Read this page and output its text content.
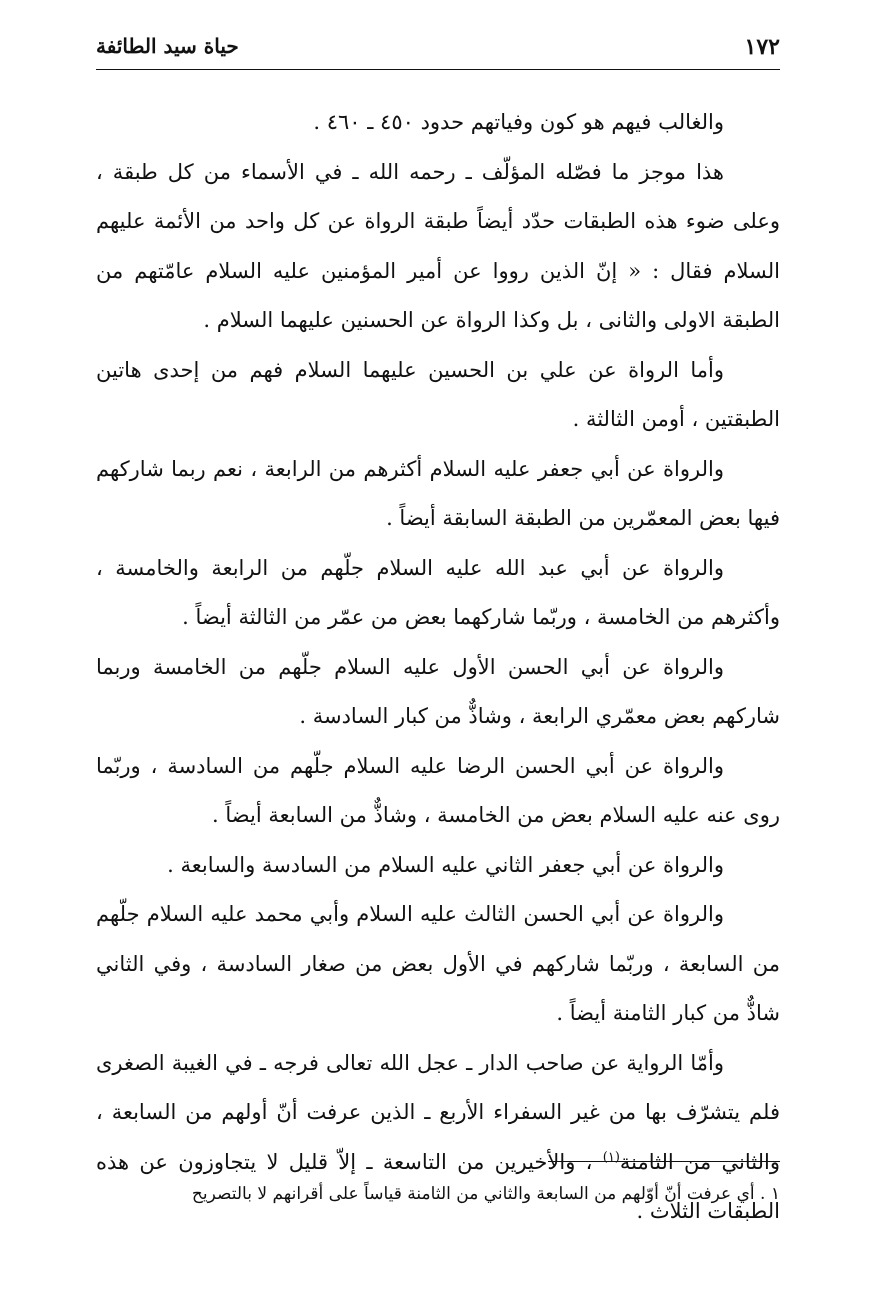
١٧٢
حياة سيد الطائفة

والغالب فيهم هو كون وفياتهم حدود ٤٥٠ ـ ٤٦٠ .

هذا موجز ما فصّله المؤلّف ـ رحمه الله ـ في الأسماء من كل طبقة ، وعلى ضوء هذه الطبقات حدّد أيضاً طبقة الرواة عن كل واحد من الأئمة عليهم السلام فقال : « إنّ الذين رووا عن أمير المؤمنين عليه السلام عامّتهم من الطبقة الاولى والثانى ، بل وكذا الرواة عن الحسنين عليهما السلام .

وأما الرواة عن علي بن الحسين عليهما السلام فهم من إحدى هاتين الطبقتين ، أومن الثالثة .

والرواة عن أبي جعفر عليه السلام أكثرهم من الرابعة ، نعم ربما شاركهم فيها بعض المعمّرين من الطبقة السابقة أيضاً .

والرواة عن أبي عبد الله عليه السلام جلّهم من الرابعة والخامسة ، وأكثرهم من الخامسة ، وربّما شاركهما بعض من عمّر من الثالثة أيضاً .

والرواة عن أبي الحسن الأول عليه السلام جلّهم من الخامسة وربما شاركهم بعض معمّري الرابعة ، وشاذٌّ من كبار السادسة .

والرواة عن أبي الحسن الرضا عليه السلام جلّهم من السادسة ، وربّما روى عنه عليه السلام بعض من الخامسة ، وشاذٌّ من السابعة أيضاً .

والرواة عن أبي جعفر الثاني عليه السلام من السادسة والسابعة .

والرواة عن أبي الحسن الثالث عليه السلام وأبي محمد عليه السلام جلّهم من السابعة ، وربّما شاركهم في الأول بعض من صغار السادسة ، وفي الثاني شاذٌّ من كبار الثامنة أيضاً .

وأمّا الرواية عن صاحب الدار ـ عجل الله تعالى فرجه ـ في الغيبة الصغرى فلم يتشرّف بها من غير السفراء الأربع ـ الذين عرفت أنّ أولهم من السابعة ، والثاني من الثامنة$^{(١)}$ ، والأخيرين من التاسعة ـ إلاّ قليل لا يتجاوزون عن هذه الطبقات الثلاث .

١ . أي عرفت أنّ أوّلهم من السابعة والثاني من الثامنة قياساً على أقرانهم لا بالتصريح
